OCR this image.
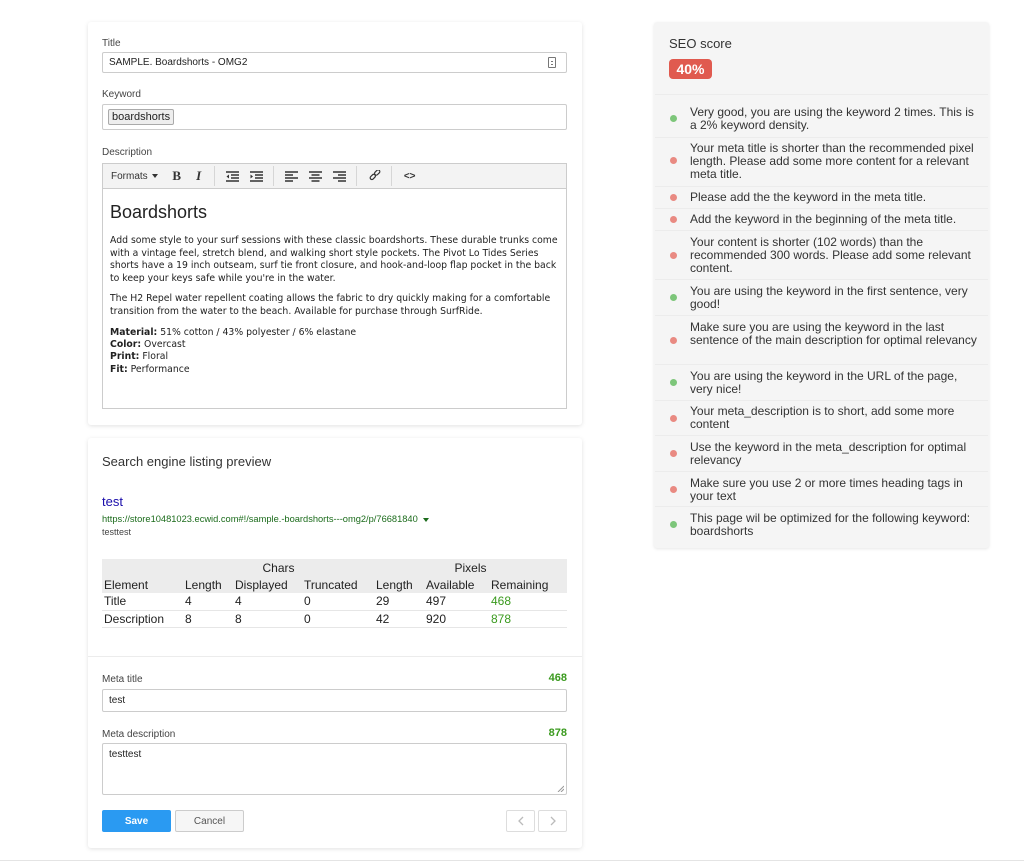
Title
SAMPLE. Boardshorts - OMG2
Keyword
boardshorts
Description
Formats B I	<>
Boardshorts

Add some style to your surf sessions with these classic boardshorts. These durable trunks come with a vintage feel, stretch blend, and walking short style pockets. The Pivot Lo Tides Series shorts have a 19 inch outseam, surf tie front closure, and hook-and-loop flap pocket in the back to keep your keys safe while you're in the water.

The H2 Repel water repellent coating allows the fabric to dry quickly making for a comfortable transition from the water to the beach. Available for purchase through SurfRide.

Material: 51% cotton / 43% polyester / 6% elastane
Color: Overcast
Print: Floral
Fit: Performance
Search engine listing preview
test
https://store10481023.ecwid.com#!/sample.-boardshorts---omg2/p/76681840
testtest
	Chars			Pixels		
Element	Length	Displayed	Truncated	Length	Available	Remaining
Title	4	4	0	29	497	468
Description	8	8	0	42	920	878
Meta title	468
test
Meta description	878
testtest
Save	Cancel
SEO score
40%
Very good, you are using the keyword 2 times. This is a 2% keyword density.
Your meta title is shorter than the recommended pixel length. Please add some more content for a relevant meta title.
Please add the the keyword in the meta title.
Add the keyword in the beginning of the meta title.
Your content is shorter (102 words) than the recommended 300 words. Please add some relevant content.
You are using the keyword in the first sentence, very good!
Make sure you are using the keyword in the last sentence of the main description for optimal relevancy
You are using the keyword in the URL of the page, very nice!
Your meta_description is to short, add some more content
Use the keyword in the meta_description for optimal relevancy
Make sure you use 2 or more times heading tags in your text
This page wil be optimized for the following keyword: boardshorts
